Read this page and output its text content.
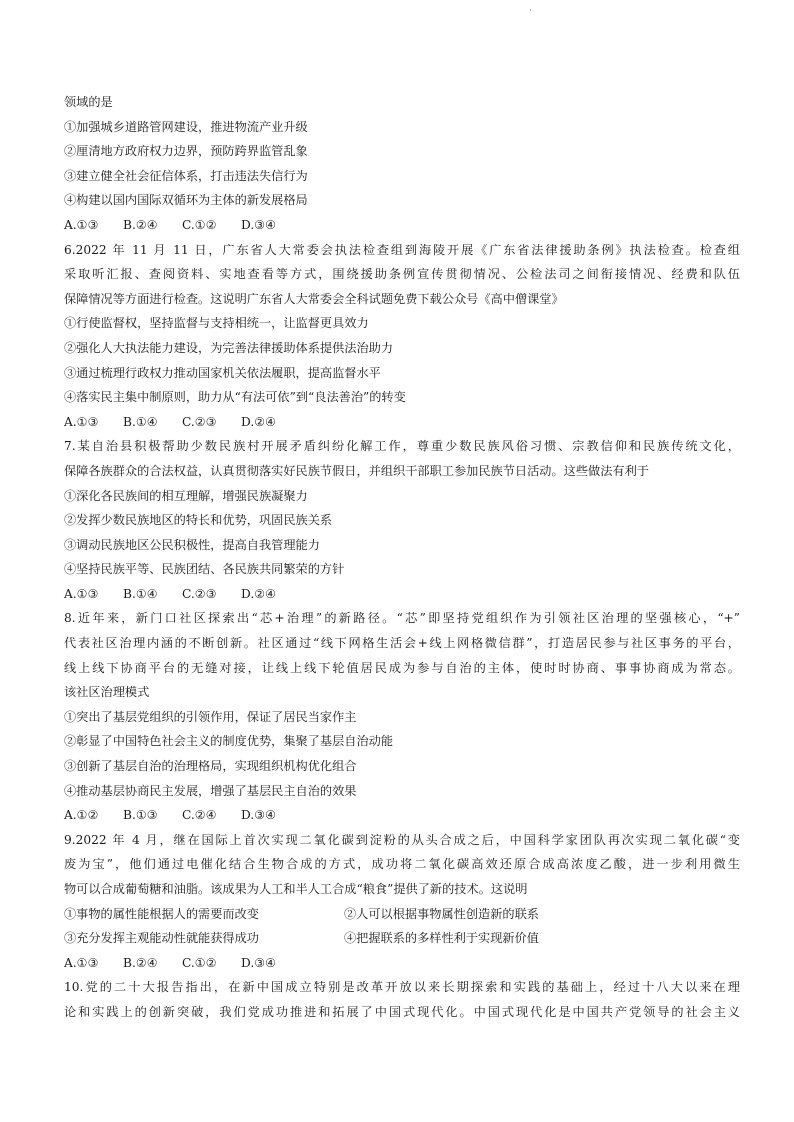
·
领域的是
①加强城乡道路管网建设，推进物流产业升级
②厘清地方政府权力边界，预防跨界监管乱象
③建立健全社会征信体系，打击违法失信行为
④构建以国内国际双循环为主体的新发展格局
A.①③	B.②④	C.①②	D.③④
6.2022 年 11 月 11 日，广东省人大常委会执法检查组到海陵开展《广东省法律援助条例》执法检查。检查组
采取听汇报、查阅资料、实地查看等方式，围绕援助条例宣传贯彻情况、公检法司之间衔接情况、经费和队伍
保障情况等方面进行检查。这说明广东省人大常委会全科试题免费下载公众号《高中僧课堂》
①行使监督权，坚持监督与支持相统一，让监督更具效力
②强化人大执法能力建设，为完善法律援助体系提供法治助力
③通过梳理行政权力推动国家机关依法履职，提高监督水平
④落实民主集中制原则，助力从“有法可依”到“良法善治”的转变
A.①③	B.①④	C.②③	D.②④
7.某自治县积极帮助少数民族村开展矛盾纠纷化解工作，尊重少数民族风俗习惯、宗教信仰和民族传统文化，
保障各族群众的合法权益，认真贯彻落实好民族节假日，并组织干部职工参加民族节日活动。这些做法有利于
①深化各民族间的相互理解，增强民族凝聚力
②发挥少数民族地区的特长和优势，巩固民族关系
③调动民族地区公民积极性，提高自我管理能力
④坚持民族平等、民族团结、各民族共同繁荣的方针
A.①③	B.①④	C.②③	D.②④
8.近年来，新门口社区探索出“芯+治理”的新路径。“芯”即坚持党组织作为引领社区治理的坚强核心，“+”
代表社区治理内涵的不断创新。社区通过“线下网格生活会+线上网格微信群”，打造居民参与社区事务的平台，
线上线下协商平台的无缝对接，让线上线下轮值居民成为参与自治的主体，使时时协商、事事协商成为常态。
该社区治理模式
①突出了基层党组织的引领作用，保证了居民当家作主
②彰显了中国特色社会主义的制度优势，集聚了基层自治动能
③创新了基层自治的治理格局，实现组织机构优化组合
④推动基层协商民主发展，增强了基层民主自治的效果
A.①②	B.①③	C.②④	D.③④
9.2022 年 4 月，继在国际上首次实现二氧化碳到淀粉的从头合成之后，中国科学家团队再次实现二氧化碳“变
废为宝”，他们通过电催化结合生物合成的方式，成功将二氧化碳高效还原合成高浓度乙酸，进一步利用微生
物可以合成葡萄糖和油脂。该成果为人工和半人工合成“粮食”提供了新的技术。这说明
①事物的属性能根据人的需要而改变	②人可以根据事物属性创造新的联系
③充分发挥主观能动性就能获得成功	④把握联系的多样性利于实现新价值
A.①③	B.②④	C.①②	D.③④
10.党的二十大报告指出，在新中国成立特别是改革开放以来长期探索和实践的基础上，经过十八大以来在理
论和实践上的创新突破，我们党成功推进和拓展了中国式现代化。中国式现代化是中国共产党领导的社会主义
